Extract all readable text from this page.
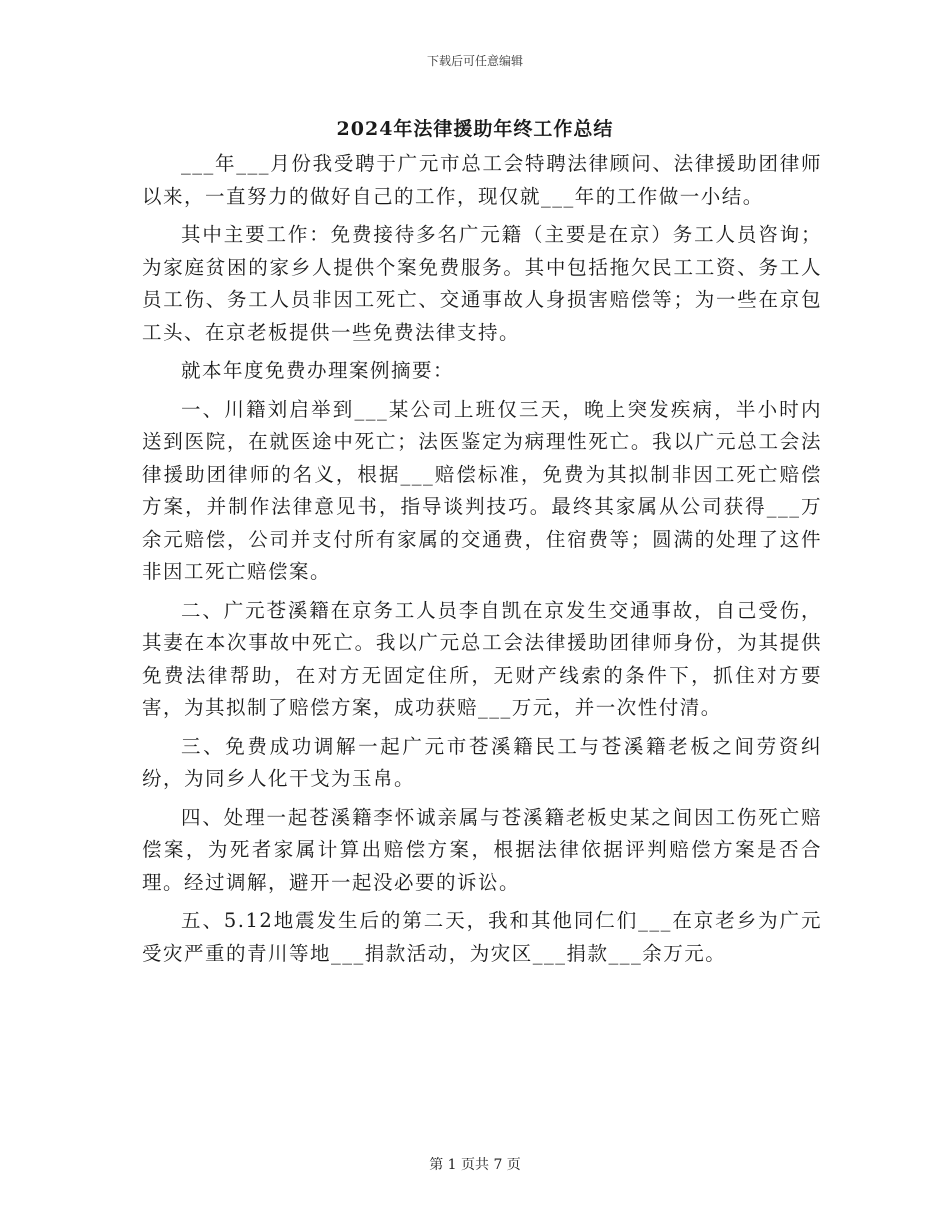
下载后可任意编辑
2024年法律援助年终工作总结

___年___月份我受聘于广元市总工会特聘法律顾问、法律援助团律师以来，一直努力的做好自己的工作，现仅就___年的工作做一小结。

其中主要工作：免费接待多名广元籍（主要是在京）务工人员咨询；为家庭贫困的家乡人提供个案免费服务。其中包括拖欠民工工资、务工人员工伤、务工人员非因工死亡、交通事故人身损害赔偿等；为一些在京包工头、在京老板提供一些免费法律支持。

就本年度免费办理案例摘要：

一、川籍刘启举到___某公司上班仅三天，晚上突发疾病，半小时内送到医院，在就医途中死亡；法医鉴定为病理性死亡。我以广元总工会法律援助团律师的名义，根据___赔偿标准，免费为其拟制非因工死亡赔偿方案，并制作法律意见书，指导谈判技巧。最终其家属从公司获得___万余元赔偿，公司并支付所有家属的交通费，住宿费等；圆满的处理了这件非因工死亡赔偿案。

二、广元苍溪籍在京务工人员李自凯在京发生交通事故，自己受伤，其妻在本次事故中死亡。我以广元总工会法律援助团律师身份，为其提供免费法律帮助，在对方无固定住所，无财产线索的条件下，抓住对方要害，为其拟制了赔偿方案，成功获赔___万元，并一次性付清。

三、免费成功调解一起广元市苍溪籍民工与苍溪籍老板之间劳资纠纷，为同乡人化干戈为玉帛。

四、处理一起苍溪籍李怀诚亲属与苍溪籍老板史某之间因工伤死亡赔偿案，为死者家属计算出赔偿方案，根据法律依据评判赔偿方案是否合理。经过调解，避开一起没必要的诉讼。

五、5.12地震发生后的第二天，我和其他同仁们___在京老乡为广元受灾严重的青川等地___捐款活动，为灾区___捐款___余万元。

第 1 页共 7 页
